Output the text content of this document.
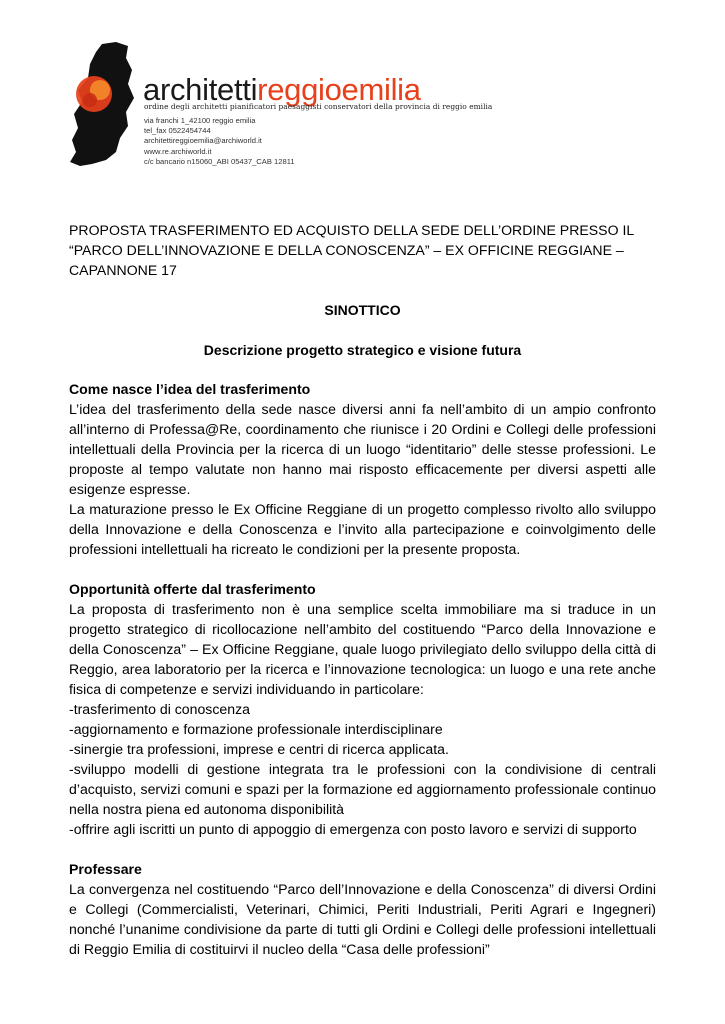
architettireggioemilia
ordine degli architetti pianificatori paesaggisti conservatori della provincia di reggio emilia
via franchi 1_42100 reggio emilia
tel_fax 0522454744
architettireggioemilia@archiworld.it
www.re.archiworld.it
c/c bancario n15060_ABI 05437_CAB 12811

PROPOSTA TRASFERIMENTO ED ACQUISTO DELLA SEDE DELL’ORDINE PRESSO IL

“PARCO DELL’INNOVAZIONE E DELLA CONOSCENZA” – EX OFFICINE REGGIANE –

CAPANNONE 17

SINOTTICO

Descrizione progetto strategico e visione futura

Come nasce l’idea del trasferimento

L’idea del trasferimento della sede nasce diversi anni fa nell’ambito di un ampio confronto all’interno di Professa@Re, coordinamento che riunisce i 20 Ordini e Collegi delle professioni intellettuali della Provincia per la ricerca di un luogo “identitario” delle stesse professioni. Le proposte al tempo valutate non hanno mai risposto efficacemente per diversi aspetti alle esigenze espresse.

La maturazione presso le Ex Officine Reggiane di un progetto complesso rivolto allo sviluppo della Innovazione e della Conoscenza e l’invito alla partecipazione e coinvolgimento delle professioni intellettuali ha ricreato le condizioni per la presente proposta.

Opportunità offerte dal trasferimento

La proposta di trasferimento non è una semplice scelta immobiliare ma si traduce in un progetto strategico di ricollocazione nell’ambito del costituendo “Parco della Innovazione e della Conoscenza” – Ex Officine Reggiane, quale luogo privilegiato dello sviluppo della città di Reggio, area laboratorio per la ricerca e l’innovazione tecnologica: un luogo e una rete anche fisica di competenze e servizi individuando in particolare:

-trasferimento di conoscenza

-aggiornamento e formazione professionale interdisciplinare

-sinergie tra professioni, imprese e centri di ricerca applicata.

-sviluppo modelli di gestione integrata tra le professioni con la condivisione di centrali d’acquisto, servizi comuni e spazi per la formazione ed aggiornamento professionale continuo nella nostra piena ed autonoma disponibilità

-offrire agli iscritti un punto di appoggio di emergenza con posto lavoro e servizi di supporto

Professare

La convergenza nel costituendo “Parco dell’Innovazione e della Conoscenza” di diversi Ordini e Collegi (Commercialisti, Veterinari, Chimici, Periti Industriali, Periti Agrari e Ingegneri) nonché l’unanime condivisione da parte di tutti gli Ordini e Collegi delle professioni intellettuali di Reggio Emilia di costituirvi il nucleo della “Casa delle professioni”
